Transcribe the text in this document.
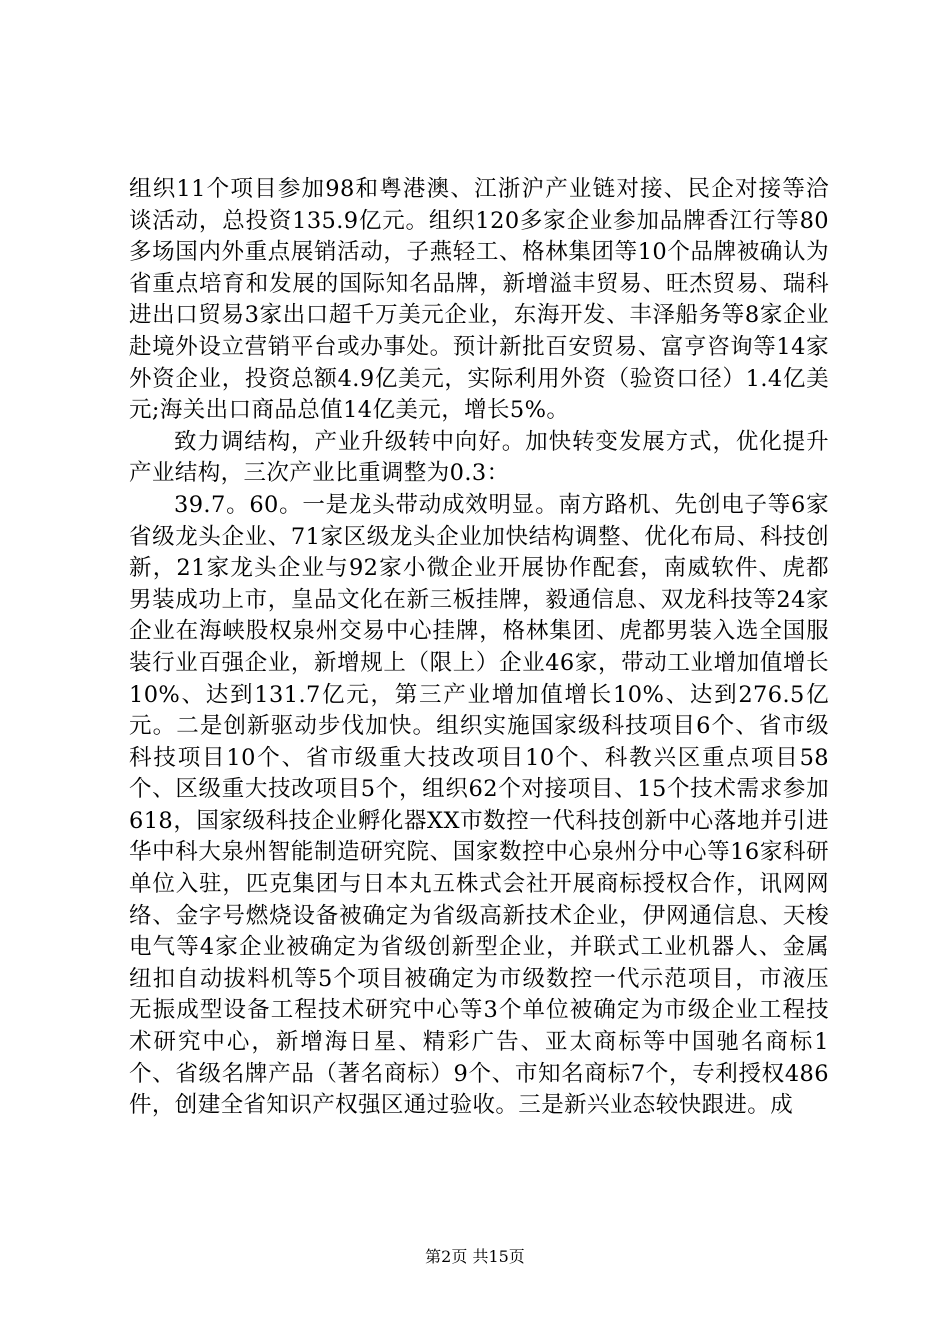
组织11个项目参加98和粤港澳、江浙沪产业链对接、民企对接等洽谈活动，总投资135.9亿元。组织120多家企业参加品牌香江行等80多场国内外重点展销活动，子燕轻工、格林集团等10个品牌被确认为省重点培育和发展的国际知名品牌，新增溢丰贸易、旺杰贸易、瑞科进出口贸易3家出口超千万美元企业，东海开发、丰泽船务等8家企业赴境外设立营销平台或办事处。预计新批百安贸易、富亨咨询等14家外资企业，投资总额4.9亿美元，实际利用外资（验资口径）1.4亿美元;海关出口商品总值14亿美元，增长5%。

致力调结构，产业升级转中向好。加快转变发展方式，优化提升产业结构，三次产业比重调整为0.3：

39.7。60。一是龙头带动成效明显。南方路机、先创电子等6家省级龙头企业、71家区级龙头企业加快结构调整、优化布局、科技创新，21家龙头企业与92家小微企业开展协作配套，南威软件、虎都男装成功上市，皇品文化在新三板挂牌，毅通信息、双龙科技等24家企业在海峡股权泉州交易中心挂牌，格林集团、虎都男装入选全国服装行业百强企业，新增规上（限上）企业46家，带动工业增加值增长10%、达到131.7亿元，第三产业增加值增长10%、达到276.5亿元。二是创新驱动步伐加快。组织实施国家级科技项目6个、省市级科技项目10个、省市级重大技改项目10个、科教兴区重点项目58个、区级重大技改项目5个，组织62个对接项目、15个技术需求参加618，国家级科技企业孵化器XX市数控一代科技创新中心落地并引进华中科大泉州智能制造研究院、国家数控中心泉州分中心等16家科研单位入驻，匹克集团与日本丸五株式会社开展商标授权合作，讯网网络、金字号燃烧设备被确定为省级高新技术企业，伊网通信息、天梭电气等4家企业被确定为省级创新型企业，并联式工业机器人、金属纽扣自动拔料机等5个项目被确定为市级数控一代示范项目，市液压无振成型设备工程技术研究中心等3个单位被确定为市级企业工程技术研究中心，新增海日星、精彩广告、亚太商标等中国驰名商标1个、省级名牌产品（著名商标）9个、市知名商标7个，专利授权486件，创建全省知识产权强区通过验收。三是新兴业态较快跟进。成

第2页 共15页
